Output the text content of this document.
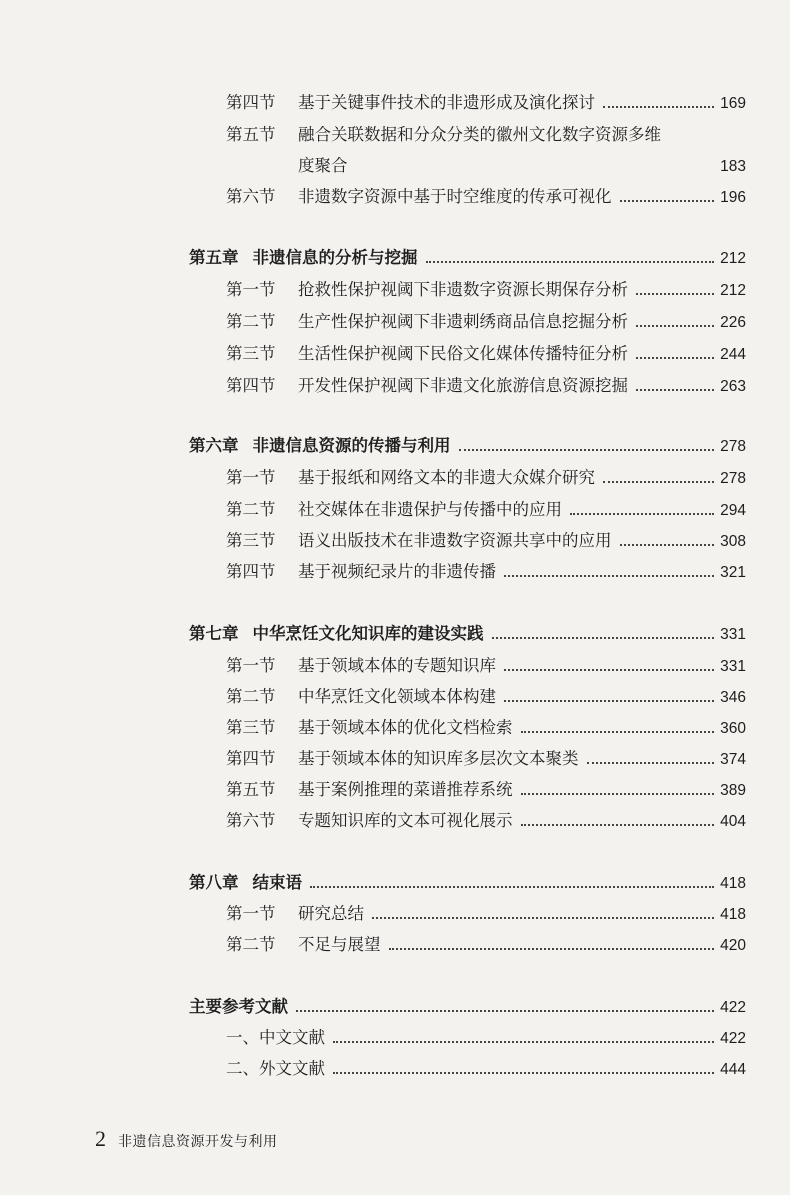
第四节	基于关键事件技术的非遗形成及演化探讨	169
第五节	融合关联数据和分众分类的徽州文化数字资源多维
度聚合	183
第六节	非遗数字资源中基于时空维度的传承可视化	196
第五章 非遗信息的分析与挖掘	212
第一节	抢救性保护视阈下非遗数字资源长期保存分析	212
第二节	生产性保护视阈下非遗刺绣商品信息挖掘分析	226
第三节	生活性保护视阈下民俗文化媒体传播特征分析	244
第四节	开发性保护视阈下非遗文化旅游信息资源挖掘	263
第六章 非遗信息资源的传播与利用	278
第一节	基于报纸和网络文本的非遗大众媒介研究	278
第二节	社交媒体在非遗保护与传播中的应用	294
第三节	语义出版技术在非遗数字资源共享中的应用	308
第四节	基于视频纪录片的非遗传播	321
第七章 中华烹饪文化知识库的建设实践	331
第一节	基于领域本体的专题知识库	331
第二节	中华烹饪文化领域本体构建	346
第三节	基于领域本体的优化文档检索	360
第四节	基于领域本体的知识库多层次文本聚类	374
第五节	基于案例推理的菜谱推荐系统	389
第六节	专题知识库的文本可视化展示	404
第八章 结束语	418
第一节	研究总结	418
第二节	不足与展望	420
主要参考文献	422
一、中文文献	422
二、外文文献	444
2 非遗信息资源开发与利用
